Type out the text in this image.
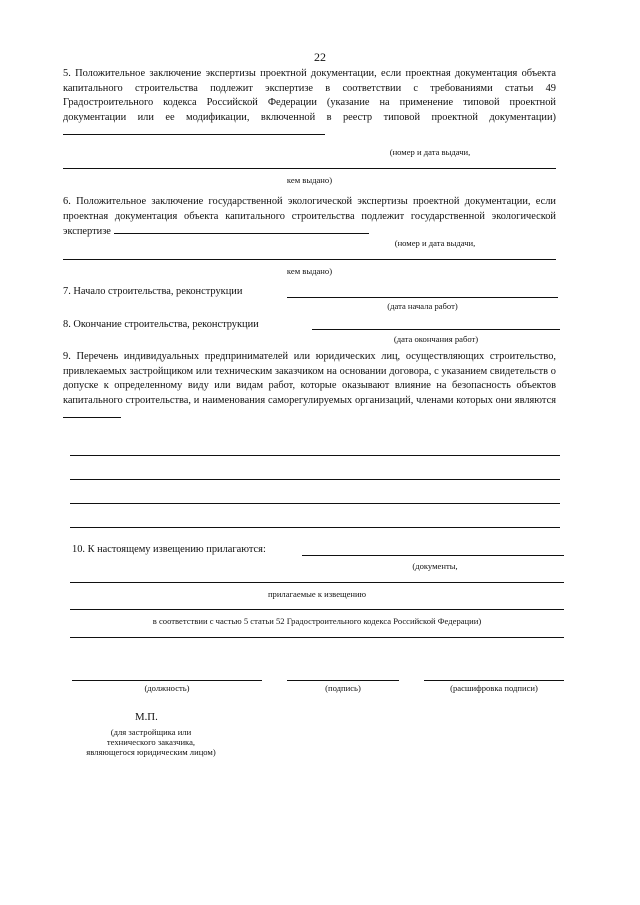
22
5. Положительное заключение экспертизы проектной документации, если проектная документация объекта капитального строительства подлежит экспертизе в соответствии с требованиями статьи 49 Градостроительного кодекса Российской Федерации (указание на применение типовой проектной документации или ее модификации, включенной в реестр типовой проектной документации)
(номер и дата выдачи,
кем выдано)
6. Положительное заключение государственной экологической экспертизы проектной документации, если проектная документация объекта капитального строительства подлежит государственной экологической экспертизе
(номер и дата выдачи,
кем выдано)
7. Начало строительства, реконструкции
(дата начала работ)
8. Окончание строительства, реконструкции
(дата окончания работ)
9. Перечень индивидуальных предпринимателей или юридических лиц, осуществляющих строительство, привлекаемых застройщиком или техническим заказчиком на основании договора, с указанием свидетельств о допуске к определенному виду или видам работ, которые оказывают влияние на безопасность объектов капитального строительства, и наименования саморегулируемых организаций, членами которых они являются
10. К настоящему извещению прилагаются:
(документы,
прилагаемые к извещению
в соответствии с частью 5 статьи 52 Градостроительного кодекса Российской Федерации)
(должность)	(подпись)	(расшифровка подписи)
М.П.
(для застройщика или технического заказчика, являющегося юридическим лицом)
